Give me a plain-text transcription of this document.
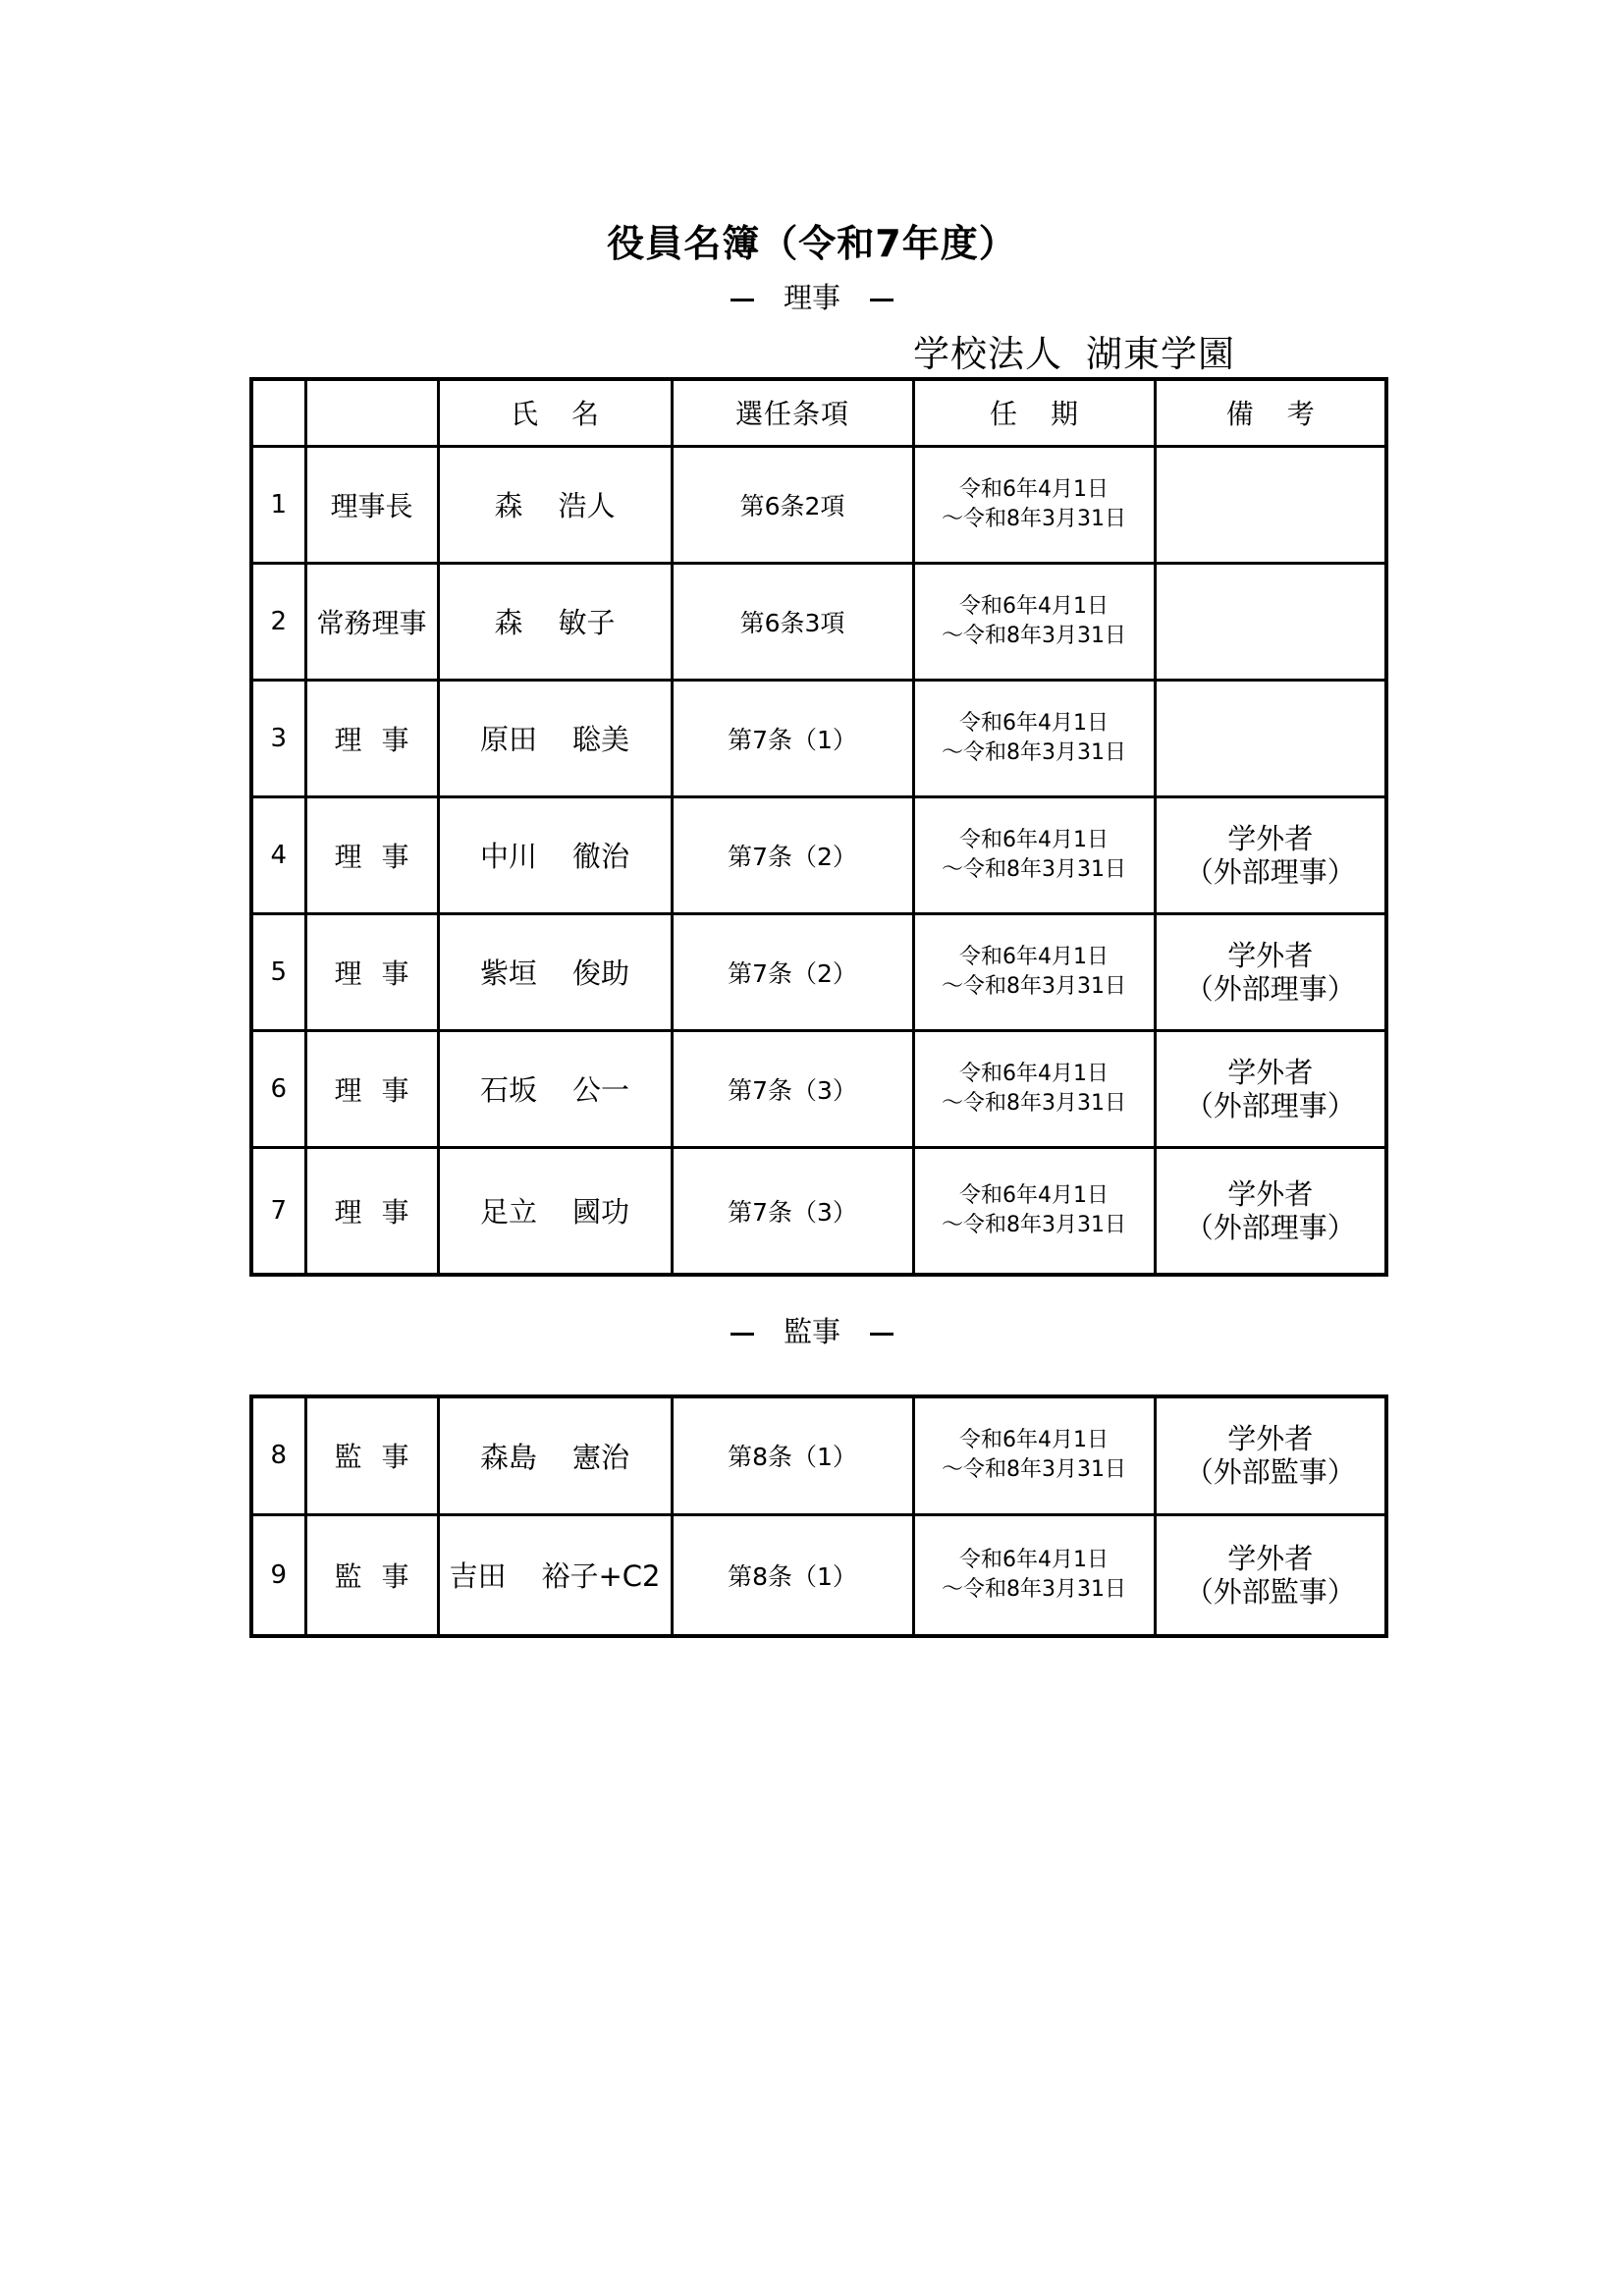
役員名簿（令和7年度）
理事
学校法人 湖東学園
		氏名	選任条項	任期	備考
1	理事長	森 浩人	第6条2項	令和6年4月1日
～令和8年3月31日	

2	常務理事	森 敏子	第6条3項	令和6年4月1日
～令和8年3月31日	

3	理事	原田 聡美	第7条（1）	令和6年4月1日
～令和8年3月31日	

4	理事	中川 徹治	第7条（2）	令和6年4月1日
～令和8年3月31日	学外者
（外部理事）

5	理事	紫垣 俊助	第7条（2）	令和6年4月1日
～令和8年3月31日	学外者
（外部理事）

6	理事	石坂 公一	第7条（3）	令和6年4月1日
～令和8年3月31日	学外者
（外部理事）

7	理事	足立 國功	第7条（3）	令和6年4月1日
～令和8年3月31日	学外者
（外部理事）
監事
8	監事	森島 憲治	第8条（1）	令和6年4月1日
～令和8年3月31日	学外者
（外部監事）

9	監事	吉田 裕子+C2	第8条（1）	令和6年4月1日
～令和8年3月31日	学外者
（外部監事）
